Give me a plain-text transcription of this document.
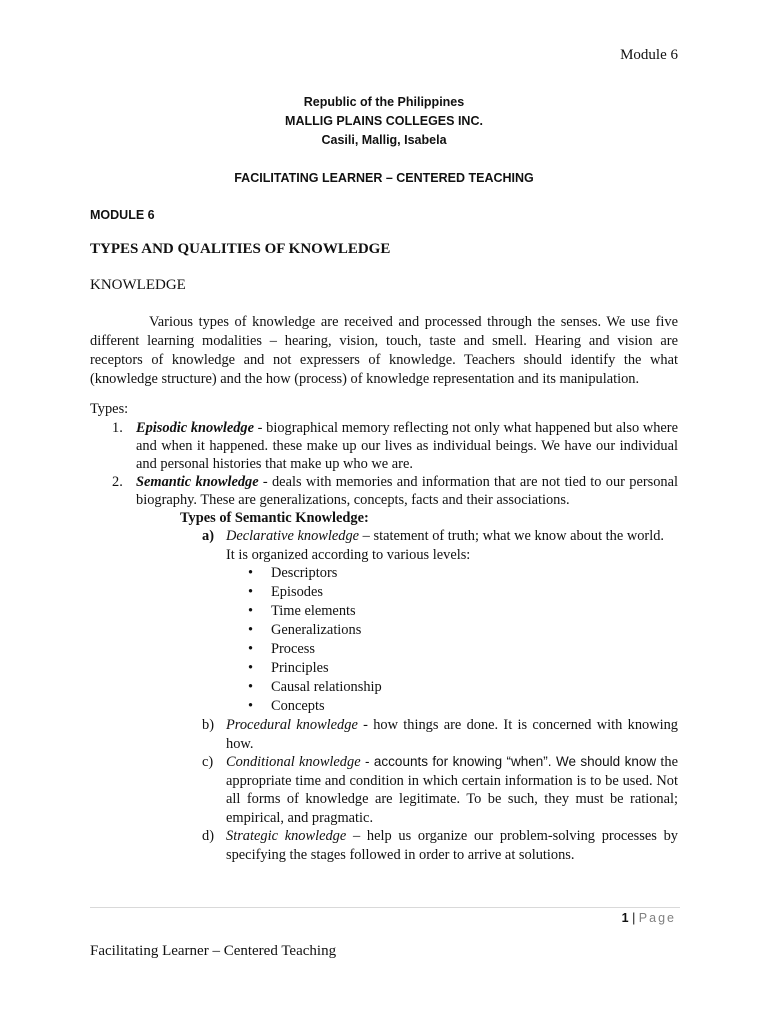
Module 6
Republic of the Philippines
MALLIG PLAINS COLLEGES INC.
Casili, Mallig, Isabela
FACILITATING LEARNER – CENTERED TEACHING
MODULE 6
TYPES AND QUALITIES OF KNOWLEDGE
KNOWLEDGE
Various types of knowledge are received and processed through the senses. We use five different learning modalities – hearing, vision, touch, taste and smell. Hearing and vision are receptors of knowledge and not expressers of knowledge. Teachers should identify the what (knowledge structure) and the how (process) of knowledge representation and its manipulation.
Types:
1. Episodic knowledge - biographical memory reflecting not only what happened but also where and when it happened. these make up our lives as individual beings. We have our individual and personal histories that make up who we are.
2. Semantic knowledge - deals with memories and information that are not tied to our personal biography. These are generalizations, concepts, facts and their associations.
Types of Semantic Knowledge:
a) Declarative knowledge – statement of truth; what we know about the world.
It is organized according to various levels:
• Descriptors
• Episodes
• Time elements
• Generalizations
• Process
• Principles
• Causal relationship
• Concepts
b) Procedural knowledge - how things are done. It is concerned with knowing how.
c) Conditional knowledge - accounts for knowing “when”. We should know the appropriate time and condition in which certain information is to be used. Not all forms of knowledge are legitimate. To be such, they must be rational; empirical, and pragmatic.
d) Strategic knowledge – help us organize our problem-solving processes by specifying the stages followed in order to arrive at solutions.
1 | Page
Facilitating Learner – Centered Teaching
